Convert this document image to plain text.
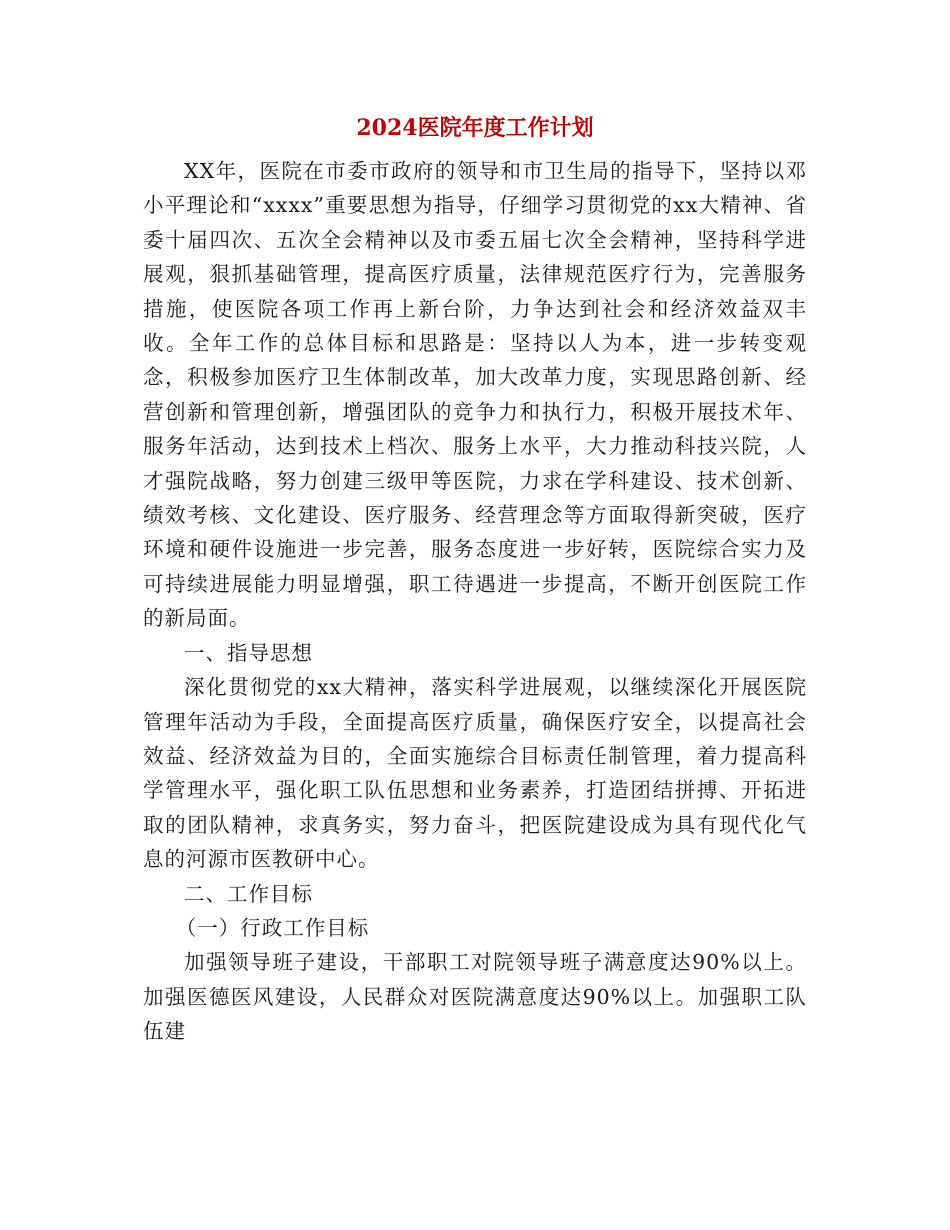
2024医院年度工作计划

XX年，医院在市委市政府的领导和市卫生局的指导下，坚持以邓小平理论和“xxxx”重要思想为指导，仔细学习贯彻党的xx大精神、省委十届四次、五次全会精神以及市委五届七次全会精神，坚持科学进展观，狠抓基础管理，提高医疗质量，法律规范医疗行为，完善服务措施，使医院各项工作再上新台阶，力争达到社会和经济效益双丰收。全年工作的总体目标和思路是：坚持以人为本，进一步转变观念，积极参加医疗卫生体制改革，加大改革力度，实现思路创新、经营创新和管理创新，增强团队的竞争力和执行力，积极开展技术年、服务年活动，达到技术上档次、服务上水平，大力推动科技兴院，人才强院战略，努力创建三级甲等医院，力求在学科建设、技术创新、绩效考核、文化建设、医疗服务、经营理念等方面取得新突破，医疗环境和硬件设施进一步完善，服务态度进一步好转，医院综合实力及可持续进展能力明显增强，职工待遇进一步提高，不断开创医院工作的新局面。

一、指导思想

深化贯彻党的xx大精神，落实科学进展观，以继续深化开展医院管理年活动为手段，全面提高医疗质量，确保医疗安全，以提高社会效益、经济效益为目的，全面实施综合目标责任制管理，着力提高科学管理水平，强化职工队伍思想和业务素养，打造团结拼搏、开拓进取的团队精神，求真务实，努力奋斗，把医院建设成为具有现代化气息的河源市医教研中心。

二、工作目标

（一）行政工作目标

加强领导班子建设，干部职工对院领导班子满意度达90%以上。加强医德医风建设，人民群众对医院满意度达90%以上。加强职工队伍建
